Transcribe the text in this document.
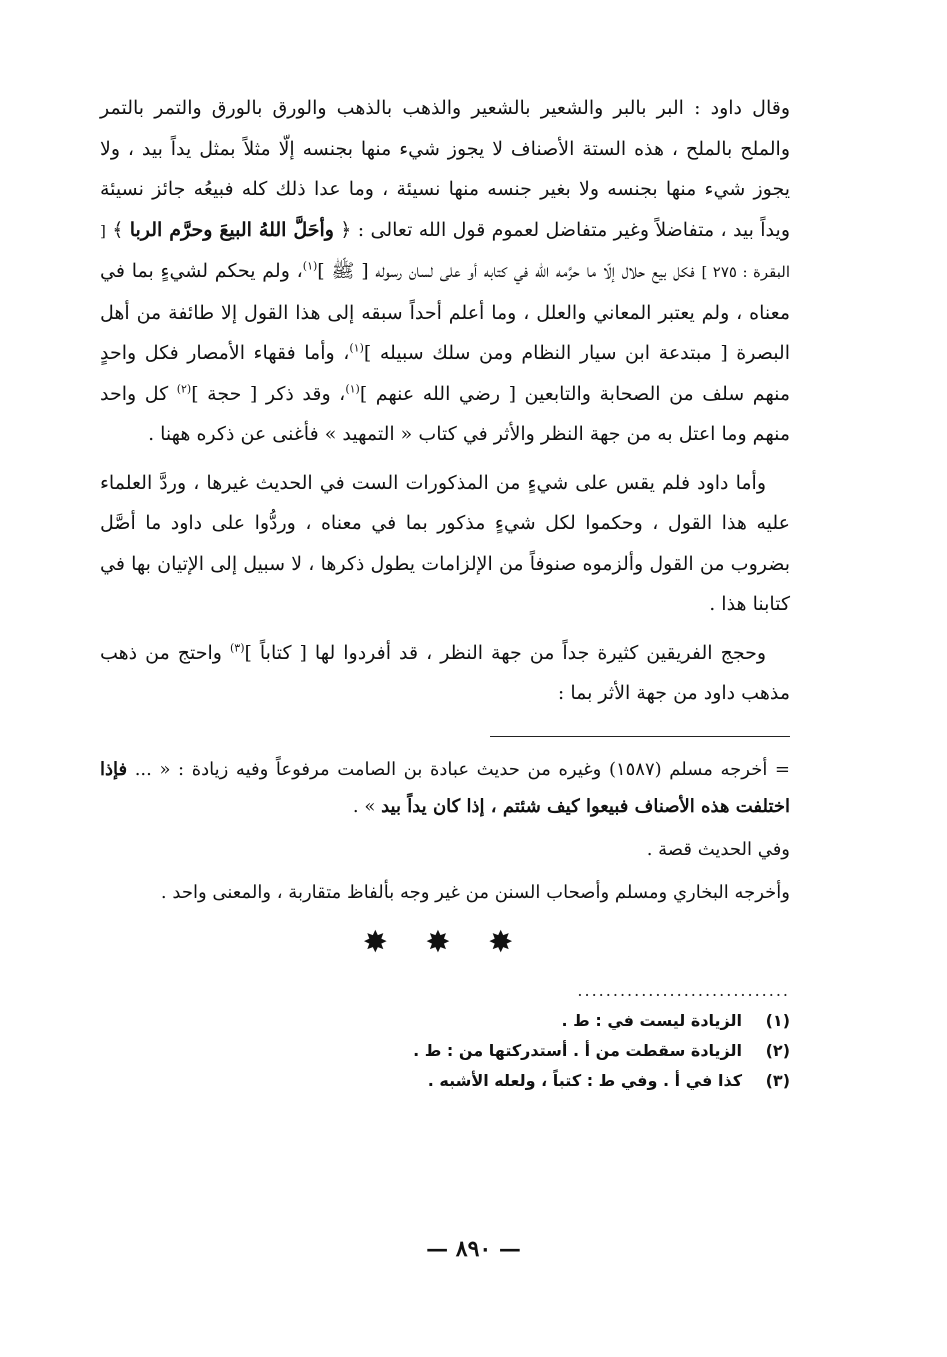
وقال داود : البر بالبر والشعير بالشعير والذهب بالذهب والورق بالورق والتمر بالتمر والملح بالملح ، هذه الستة الأصناف لا يجوز شيء منها بجنسه إلّا مثلاً بمثل يداً بيد ، ولا يجوز شيء منها بجنسه ولا بغير جنسه منها نسيئة ، وما عدا ذلك كله فبيعُه جائز نسيئة ويداً بيد ، متفاضلاً وغير متفاضل لعموم قول الله تعالى : ﴿ وأحَلَّ اللهُ البيعَ وحرَّم الربا ﴾ [ البقرة : ٢٧٥ ] فكل بيع حلال إلّا ما حرَّمه الله في كتابه أو على لسان رسوله [ ﷺ ]$^{(١)}$، ولم يحكم لشيءٍ بما في معناه ، ولم يعتبر المعاني والعلل ، وما أعلم أحداً سبقه إلى هذا القول إلا طائفة من أهل البصرة [ مبتدعة ابن سيار النظام ومن سلك سبيله ]$^{(١)}$، وأما فقهاء الأمصار فكل واحدٍ منهم سلف من الصحابة والتابعين [ رضي الله عنهم ]$^{(١)}$، وقد ذكر [ حجة ]$^{(٢)}$ كل واحد منهم وما اعتل به من جهة النظر والأثر في كتاب « التمهيد » فأغنى عن ذكره ههنا .

وأما داود فلم يقس على شيءٍ من المذكورات الست في الحديث غيرها ، وردَّ العلماء عليه هذا القول ، وحكموا لكل شيءٍ مذكور بما في معناه ، وردُّوا على داود ما أصَّل بضروب من القول وألزموه صنوفاً من الإلزامات يطول ذكرها ، لا سبيل إلى الإتيان بها في كتابنا هذا .

وحجج الفريقين كثيرة جداً من جهة النظر ، قد أفردوا لها [ كتاباً ]$^{(٣)}$ واحتج من ذهب مذهب داود من جهة الأثر بما :

= أخرجه مسلم (١٥٨٧) وغيره من حديث عبادة بن الصامت مرفوعاً وفيه زيادة : « ... فإذا اختلفت هذه الأصناف فبيعوا كيف شئتم ، إذا كان يداً بيد » .

وفي الحديث قصة .

وأخرجه البخاري ومسلم وأصحاب السنن من غير وجه بألفاظ متقاربة ، والمعنى واحد .

✸ ✸ ✸
..............................
(١)
الزيادة ليست في : ط .
(٢)
الزيادة سقطت من أ . أستدركتها من : ط .
(٣)
كذا في أ . وفي ط : كتباً ، ولعله الأشبه .
— ٨٩٠ —
